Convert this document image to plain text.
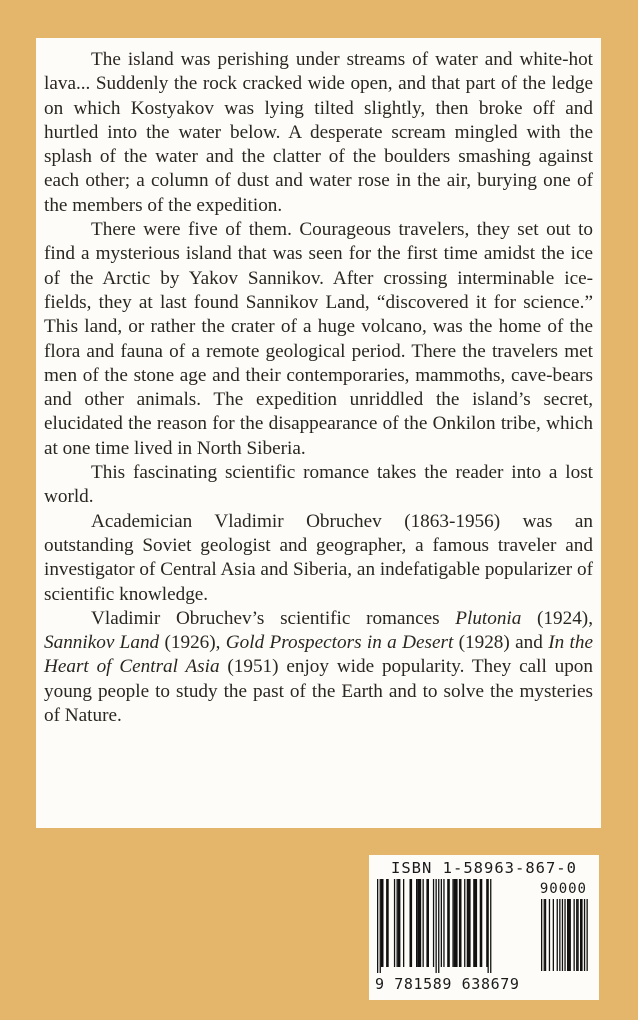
The island was perishing under streams of water and white-hot lava... Suddenly the rock cracked wide open, and that part of the ledge on which Kostyakov was lying tilted slightly, then broke off and hurtled into the water below. A desperate scream mingled with the splash of the water and the clatter of the boulders smashing against each other; a column of dust and water rose in the air, burying one of the members of the expedition.

There were five of them. Courageous travelers, they set out to find a mysterious island that was seen for the first time amidst the ice of the Arctic by Yakov Sannikov. After crossing interminable ice-fields, they at last found Sannikov Land, “discovered it for science.” This land, or rather the crater of a huge volcano, was the home of the flora and fauna of a remote geological period. There the travelers met men of the stone age and their contemporaries, mammoths, cave-bears and other animals. The expedition unriddled the island’s secret, elucidated the reason for the disappearance of the Onkilon tribe, which at one time lived in North Siberia.

This fascinating scientific romance takes the reader into a lost world.

Academician Vladimir Obruchev (1863-1956) was an outstanding Soviet geologist and geographer, a famous traveler and investigator of Central Asia and Siberia, an indefatigable popularizer of scientific knowledge.

Vladimir Obruchev’s scientific romances Plutonia (1924), Sannikov Land (1926), Gold Prospectors in a Desert (1928) and In the Heart of Central Asia (1951) enjoy wide popularity. They call upon young people to study the past of the Earth and to solve the mysteries of Nature.

ISBN 1-58963-867-0
90000
9 781589 638679
